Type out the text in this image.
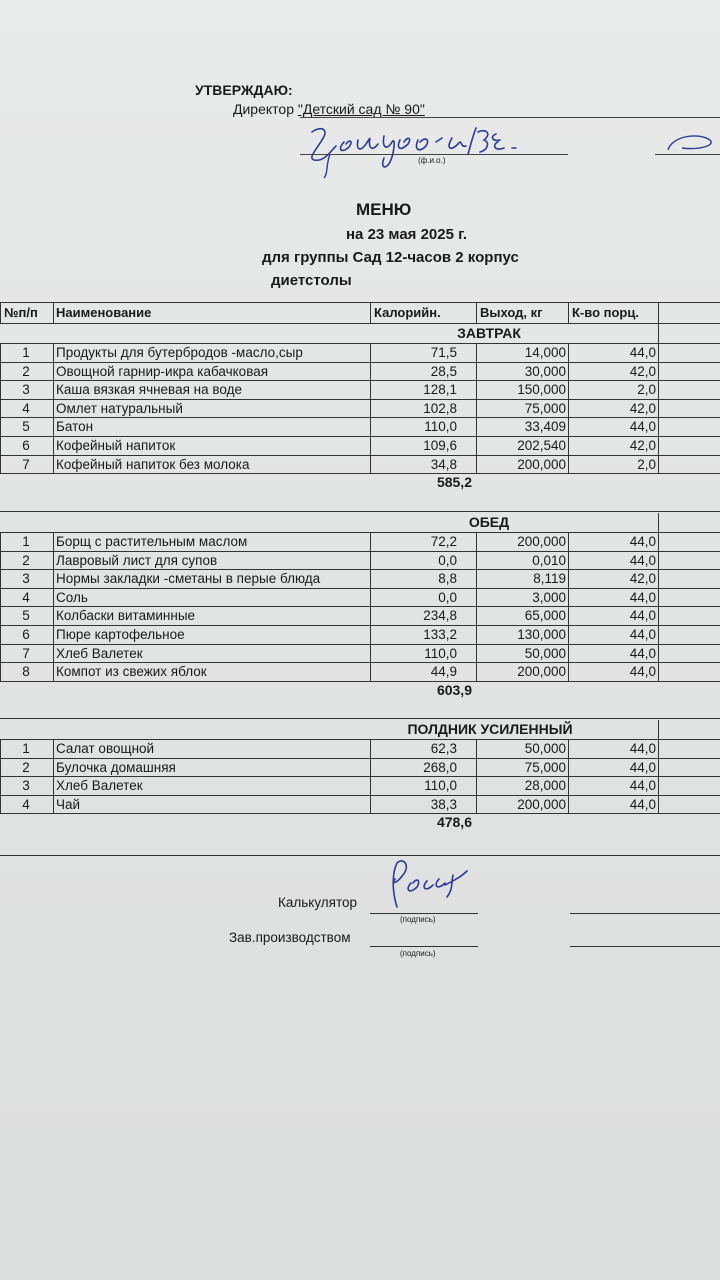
УТВЕРЖДАЮ:
Директор "Детский сад № 90"
(ф.и.о.)
МЕНЮ
на 23 мая 2025 г.
для группы Сад 12-часов 2 корпус
диетстолы
№п/п	Наименование	Калорийн.	Выход, кг	К-во порц.
ЗАВТРАК
1	Продукты для бутербродов -масло,сыр	71,5	14,000	44,0
2	Овощной гарнир-икра кабачковая	28,5	30,000	42,0
3	Каша вязкая ячневая на воде	128,1	150,000	2,0
4	Омлет натуральный	102,8	75,000	42,0
5	Батон	110,0	33,409	44,0
6	Кофейный напиток	109,6	202,540	42,0
7	Кофейный напиток без молока	34,8	200,000	2,0
585,2
ОБЕД
1	Борщ с растительным маслом	72,2	200,000	44,0
2	Лавровый лист для супов	0,0	0,010	44,0
3	Нормы закладки -сметаны в перые блюда	8,8	8,119	42,0
4	Соль	0,0	3,000	44,0
5	Колбаски витаминные	234,8	65,000	44,0
6	Пюре картофельное	133,2	130,000	44,0
7	Хлеб Валетек	110,0	50,000	44,0
8	Компот из свежих яблок	44,9	200,000	44,0
603,9
ПОЛДНИК УСИЛЕННЫЙ
1	Салат овощной	62,3	50,000	44,0
2	Булочка домашняя	268,0	75,000	44,0
3	Хлеб Валетек	110,0	28,000	44,0
4	Чай	38,3	200,000	44,0
478,6
Калькулятор
Зав.производством
(подпись)
(подпись)
